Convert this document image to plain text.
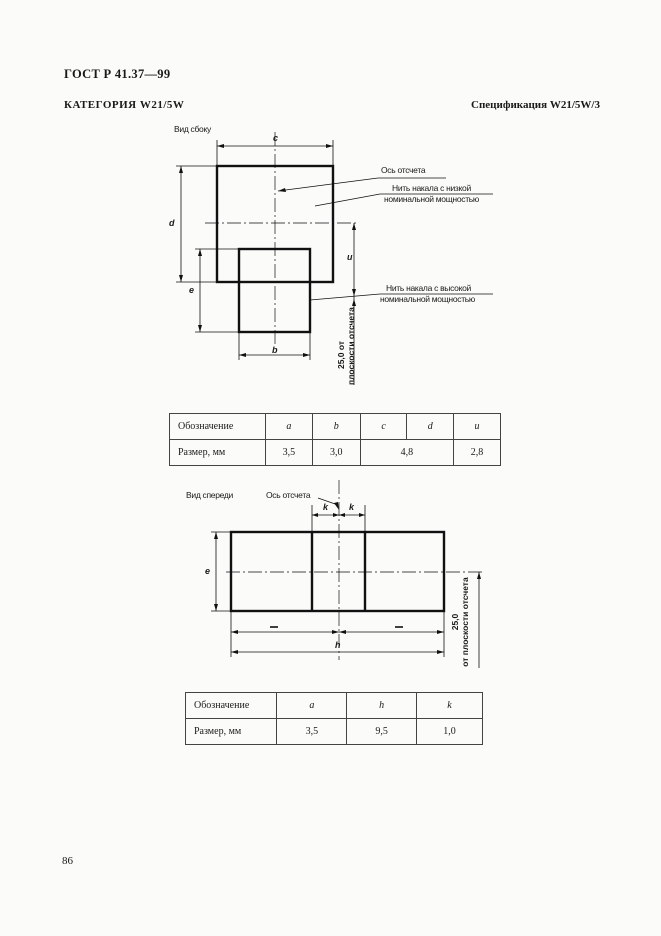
ГОСТ Р 41.37—99
КАТЕГОРИЯ W21/5W	Спецификация W21/5W/3
Вид сбоку
c
d
e
b
u
Ось отсчета
Нить накала с низкой
номинальной мощностью
Нить накала с высокой
номинальной мощностью
25,0 от плоскости отсчета
Обозначение	a	b	c	d	u
Размер, мм	3,5	3,0	4,8		2,8
Вид спереди	Ось отсчета
k k
e
h
25,0 от плоскости отсчета
Обозначение	a	h	k
Размер, мм	3,5	9,5	1,0
86
